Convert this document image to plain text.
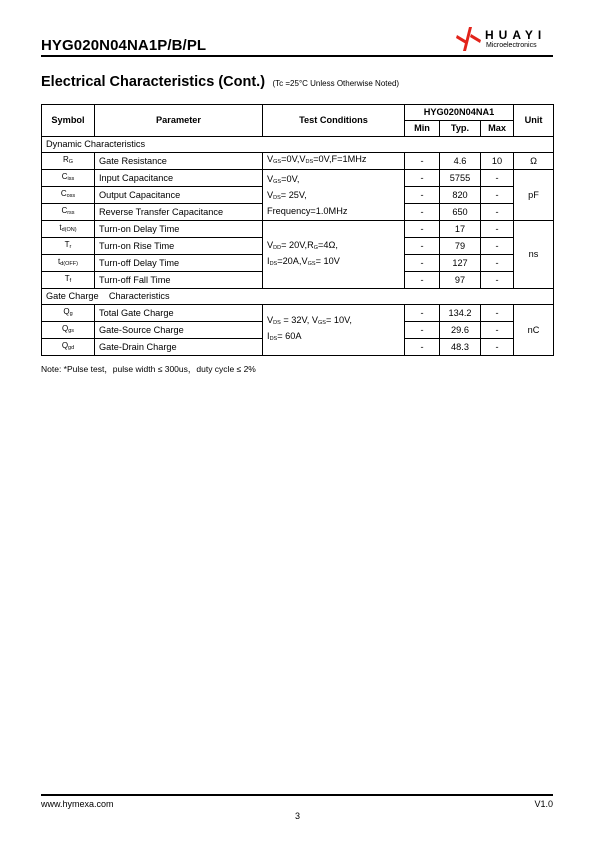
HYG020N04NA1P/B/PL
HUAYI
Microelectronics
Electrical Characteristics (Cont.) (Tc =25°C Unless Otherwise Noted)
Symbol	Parameter	Test Conditions	HYG020N04NA1			Unit
			Min	Typ.	Max	
Dynamic Characteristics						
RG	Gate Resistance	VGS=0V,VDS=0V,F=1MHz	-	4.6	10	Ω
Ciss	Input Capacitance	VGS=0V,
VDS= 25V,
Frequency=1.0MHz	-	5755	-	pF
Coss	Output Capacitance		-	820	-	
Crss	Reverse Transfer Capacitance		-	650	-	
td(ON)	Turn-on Delay Time	VDD= 20V,RG=4Ω,
IDS=20A,VGS= 10V	-	17	-	ns
Tr	Turn-on Rise Time		-	79	-	
td(OFF)	Turn-off Delay Time		-	127	-	
Tf	Turn-off Fall Time		-	97	-	
Gate Charge    Characteristics						
Qg	Total Gate Charge	VDS = 32V, VGS= 10V,
IDS= 60A	-	134.2	-	nC
Qgs	Gate-Source Charge		-	29.6	-	
Qgd	Gate-Drain Charge		-	48.3	-	
Note: *Pulse test，pulse width ≤ 300us，duty cycle ≤ 2%
www.hymexa.com	V1.0
3
